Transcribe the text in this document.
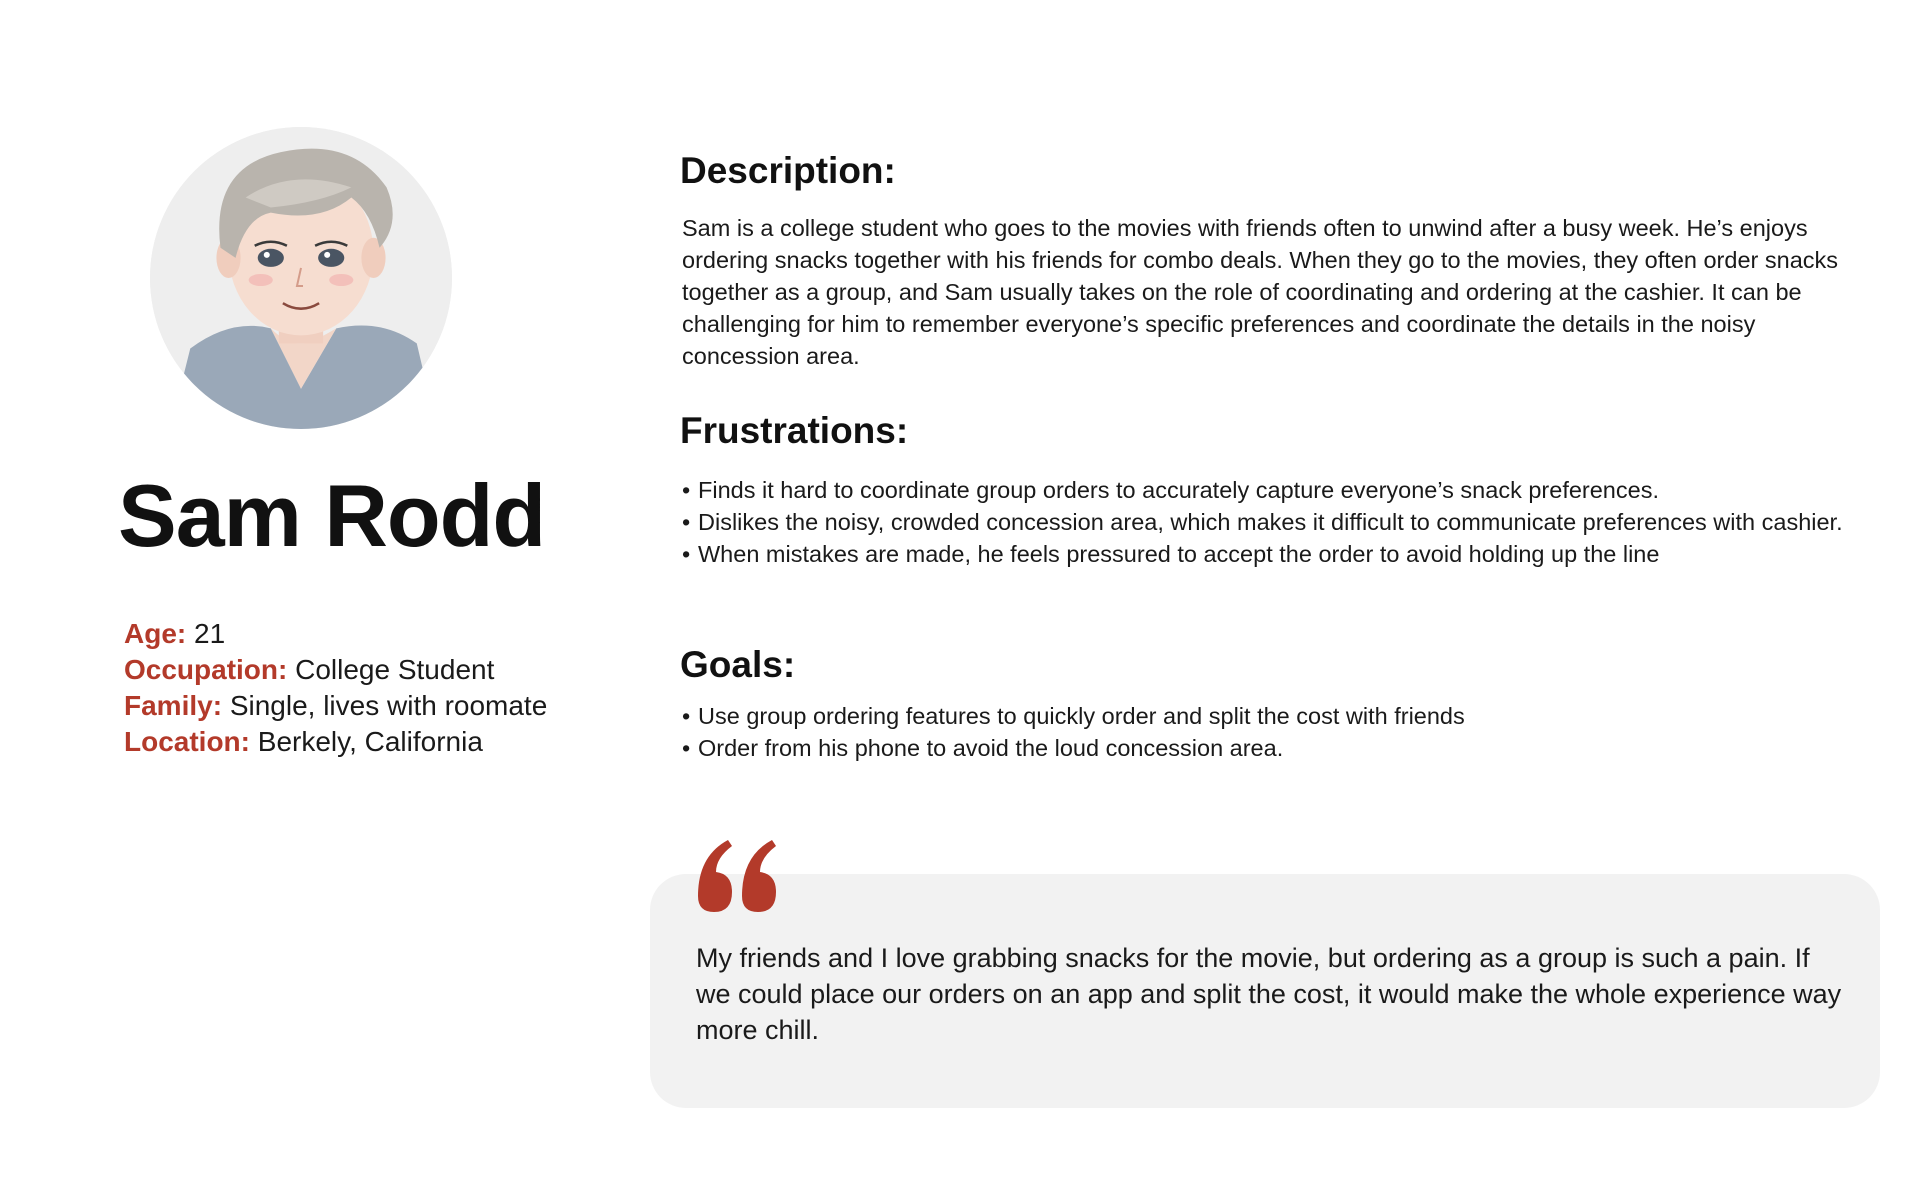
Sam Rodd
Age: 21
Occupation: College Student
Family: Single, lives with roomate
Location: Berkely, California
Description:

Sam is a college student who goes to the movies with friends often to unwind after a busy week. He’s enjoys ordering snacks together with his friends for combo deals. When they go to the movies, they often order snacks together as a group, and Sam usually takes on the role of coordinating and ordering at the cashier. It can be challenging for him to remember everyone’s specific preferences and coordinate the details in the noisy concession area.

Frustrations:
• Finds it hard to coordinate group orders to accurately capture everyone’s snack preferences.
• Dislikes the noisy, crowded concession area, which makes it difficult to communicate preferences with cashier.
• When mistakes are made, he feels pressured to accept the order to avoid holding up the line
Goals:
• Use group ordering features to quickly order and split the cost with friends
• Order from his phone to avoid the loud concession area.

My friends and I love grabbing snacks for the movie, but ordering as a group is such a pain. If we could place our orders on an app and split the cost, it would make the whole experience way more chill.
